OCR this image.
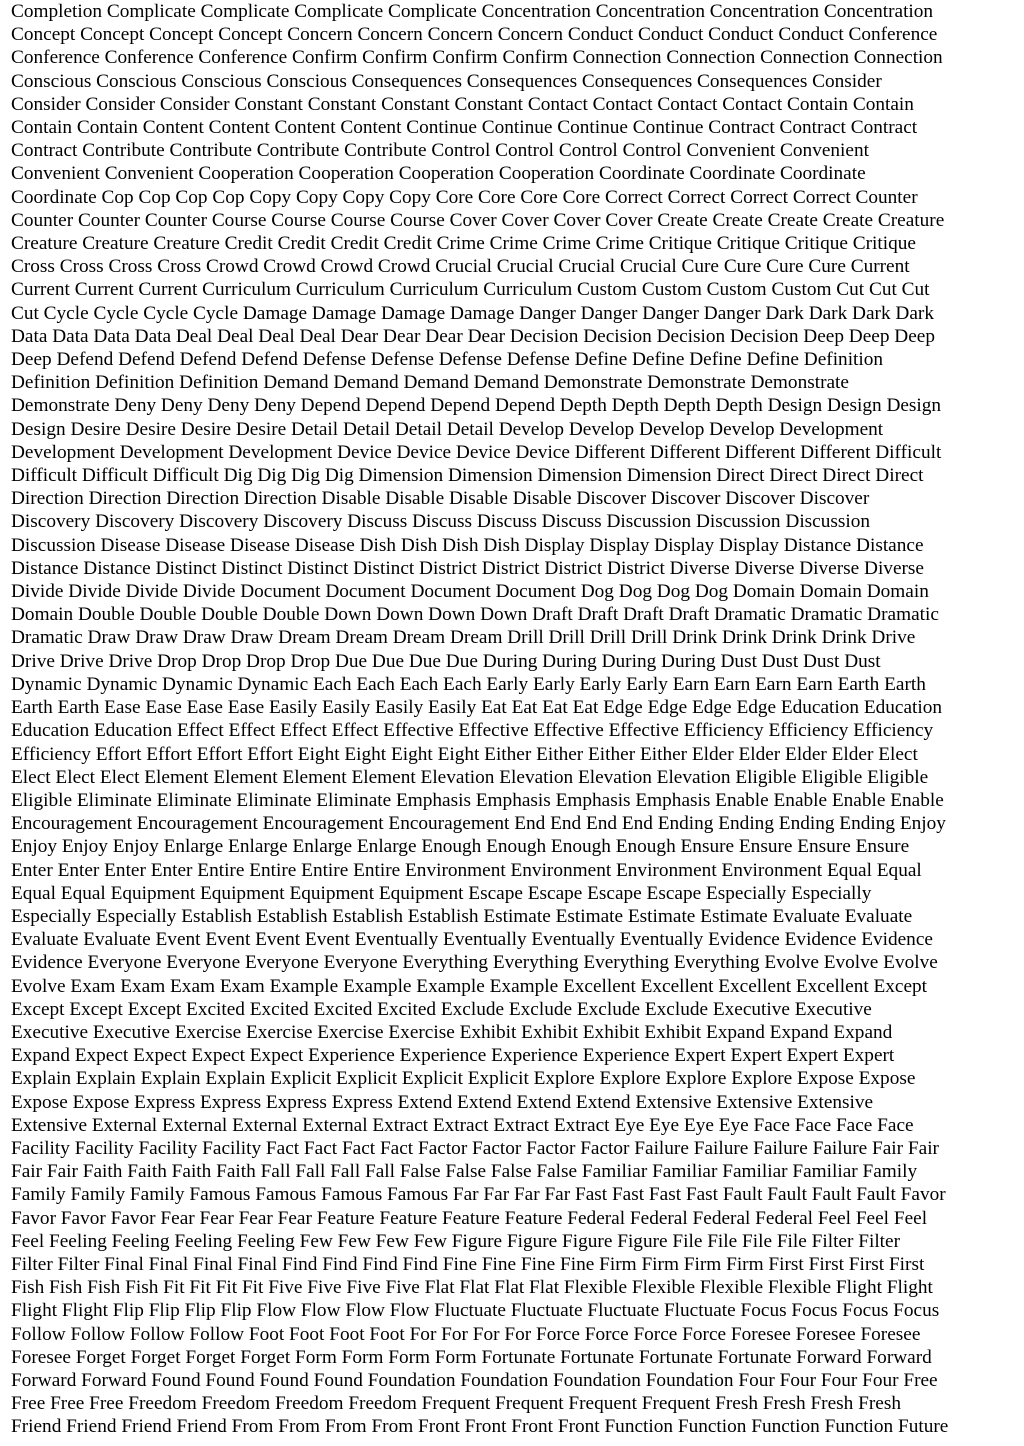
Completion Complicate Complicate Complicate Complicate Concentration Concentration Concentration Concentration
Concept Concept Concept Concept Concern Concern Concern Concern Conduct Conduct Conduct Conduct Conference
Conference Conference Conference Confirm Confirm Confirm Confirm Connection Connection Connection Connection
Conscious Conscious Conscious Conscious Consequences Consequences Consequences Consequences Consider
Consider Consider Consider Constant Constant Constant Constant Contact Contact Contact Contact Contain Contain
Contain Contain Content Content Content Content Continue Continue Continue Continue Contract Contract Contract
Contract Contribute Contribute Contribute Contribute Control Control Control Control Convenient Convenient
Convenient Convenient Cooperation Cooperation Cooperation Cooperation Coordinate Coordinate Coordinate
Coordinate Cop Cop Cop Cop Copy Copy Copy Copy Core Core Core Core Correct Correct Correct Correct Counter
Counter Counter Counter Course Course Course Course Cover Cover Cover Cover Create Create Create Create Creature
Creature Creature Creature Credit Credit Credit Credit Crime Crime Crime Crime Critique Critique Critique Critique
Cross Cross Cross Cross Crowd Crowd Crowd Crowd Crucial Crucial Crucial Crucial Cure Cure Cure Cure Current
Current Current Current Curriculum Curriculum Curriculum Curriculum Custom Custom Custom Custom Cut Cut Cut
Cut Cycle Cycle Cycle Cycle Damage Damage Damage Damage Danger Danger Danger Danger Dark Dark Dark Dark
Data Data Data Data Deal Deal Deal Deal Dear Dear Dear Dear Decision Decision Decision Decision Deep Deep Deep
Deep Defend Defend Defend Defend Defense Defense Defense Defense Define Define Define Define Definition
Definition Definition Definition Demand Demand Demand Demand Demonstrate Demonstrate Demonstrate
Demonstrate Deny Deny Deny Deny Depend Depend Depend Depend Depth Depth Depth Depth Design Design Design
Design Desire Desire Desire Desire Detail Detail Detail Detail Develop Develop Develop Develop Development
Development Development Development Device Device Device Device Different Different Different Different Difficult
Difficult Difficult Difficult Dig Dig Dig Dig Dimension Dimension Dimension Dimension Direct Direct Direct Direct
Direction Direction Direction Direction Disable Disable Disable Disable Discover Discover Discover Discover
Discovery Discovery Discovery Discovery Discuss Discuss Discuss Discuss Discussion Discussion Discussion
Discussion Disease Disease Disease Disease Dish Dish Dish Dish Display Display Display Display Distance Distance
Distance Distance Distinct Distinct Distinct Distinct District District District District Diverse Diverse Diverse Diverse
Divide Divide Divide Divide Document Document Document Document Dog Dog Dog Dog Domain Domain Domain
Domain Double Double Double Double Down Down Down Down Draft Draft Draft Draft Dramatic Dramatic Dramatic
Dramatic Draw Draw Draw Draw Dream Dream Dream Dream Drill Drill Drill Drill Drink Drink Drink Drink Drive
Drive Drive Drive Drop Drop Drop Drop Due Due Due Due During During During During Dust Dust Dust Dust
Dynamic Dynamic Dynamic Dynamic Each Each Each Each Early Early Early Early Earn Earn Earn Earn Earth Earth
Earth Earth Ease Ease Ease Ease Easily Easily Easily Easily Eat Eat Eat Eat Edge Edge Edge Edge Education Education
Education Education Effect Effect Effect Effect Effective Effective Effective Effective Efficiency Efficiency Efficiency
Efficiency Effort Effort Effort Effort Eight Eight Eight Eight Either Either Either Either Elder Elder Elder Elder Elect
Elect Elect Elect Element Element Element Element Elevation Elevation Elevation Elevation Eligible Eligible Eligible
Eligible Eliminate Eliminate Eliminate Eliminate Emphasis Emphasis Emphasis Emphasis Enable Enable Enable Enable
Encouragement Encouragement Encouragement Encouragement End End End End Ending Ending Ending Ending Enjoy
Enjoy Enjoy Enjoy Enlarge Enlarge Enlarge Enlarge Enough Enough Enough Enough Ensure Ensure Ensure Ensure
Enter Enter Enter Enter Entire Entire Entire Entire Environment Environment Environment Environment Equal Equal
Equal Equal Equipment Equipment Equipment Equipment Escape Escape Escape Escape Especially Especially
Especially Especially Establish Establish Establish Establish Estimate Estimate Estimate Estimate Evaluate Evaluate
Evaluate Evaluate Event Event Event Event Eventually Eventually Eventually Eventually Evidence Evidence Evidence
Evidence Everyone Everyone Everyone Everyone Everything Everything Everything Everything Evolve Evolve Evolve
Evolve Exam Exam Exam Exam Example Example Example Example Excellent Excellent Excellent Excellent Except
Except Except Except Excited Excited Excited Excited Exclude Exclude Exclude Exclude Executive Executive
Executive Executive Exercise Exercise Exercise Exercise Exhibit Exhibit Exhibit Exhibit Expand Expand Expand
Expand Expect Expect Expect Expect Experience Experience Experience Experience Expert Expert Expert Expert
Explain Explain Explain Explain Explicit Explicit Explicit Explicit Explore Explore Explore Explore Expose Expose
Expose Expose Express Express Express Express Extend Extend Extend Extend Extensive Extensive Extensive
Extensive External External External External Extract Extract Extract Extract Eye Eye Eye Eye Face Face Face Face
Facility Facility Facility Facility Fact Fact Fact Fact Factor Factor Factor Factor Failure Failure Failure Failure Fair Fair
Fair Fair Faith Faith Faith Faith Fall Fall Fall Fall False False False False Familiar Familiar Familiar Familiar Family
Family Family Family Famous Famous Famous Famous Far Far Far Far Fast Fast Fast Fast Fault Fault Fault Fault Favor
Favor Favor Favor Fear Fear Fear Fear Feature Feature Feature Feature Federal Federal Federal Federal Feel Feel Feel
Feel Feeling Feeling Feeling Feeling Few Few Few Few Figure Figure Figure Figure File File File File Filter Filter
Filter Filter Final Final Final Final Find Find Find Find Fine Fine Fine Fine Firm Firm Firm Firm First First First First
Fish Fish Fish Fish Fit Fit Fit Fit Five Five Five Five Flat Flat Flat Flat Flexible Flexible Flexible Flexible Flight Flight
Flight Flight Flip Flip Flip Flip Flow Flow Flow Flow Fluctuate Fluctuate Fluctuate Fluctuate Focus Focus Focus Focus
Follow Follow Follow Follow Foot Foot Foot Foot For For For For Force Force Force Force Foresee Foresee Foresee
Foresee Forget Forget Forget Forget Form Form Form Form Fortunate Fortunate Fortunate Fortunate Forward Forward
Forward Forward Found Found Found Found Foundation Foundation Foundation Foundation Four Four Four Four Free
Free Free Free Freedom Freedom Freedom Freedom Frequent Frequent Frequent Frequent Fresh Fresh Fresh Fresh
Friend Friend Friend Friend From From From From Front Front Front Front Function Function Function Function Future
